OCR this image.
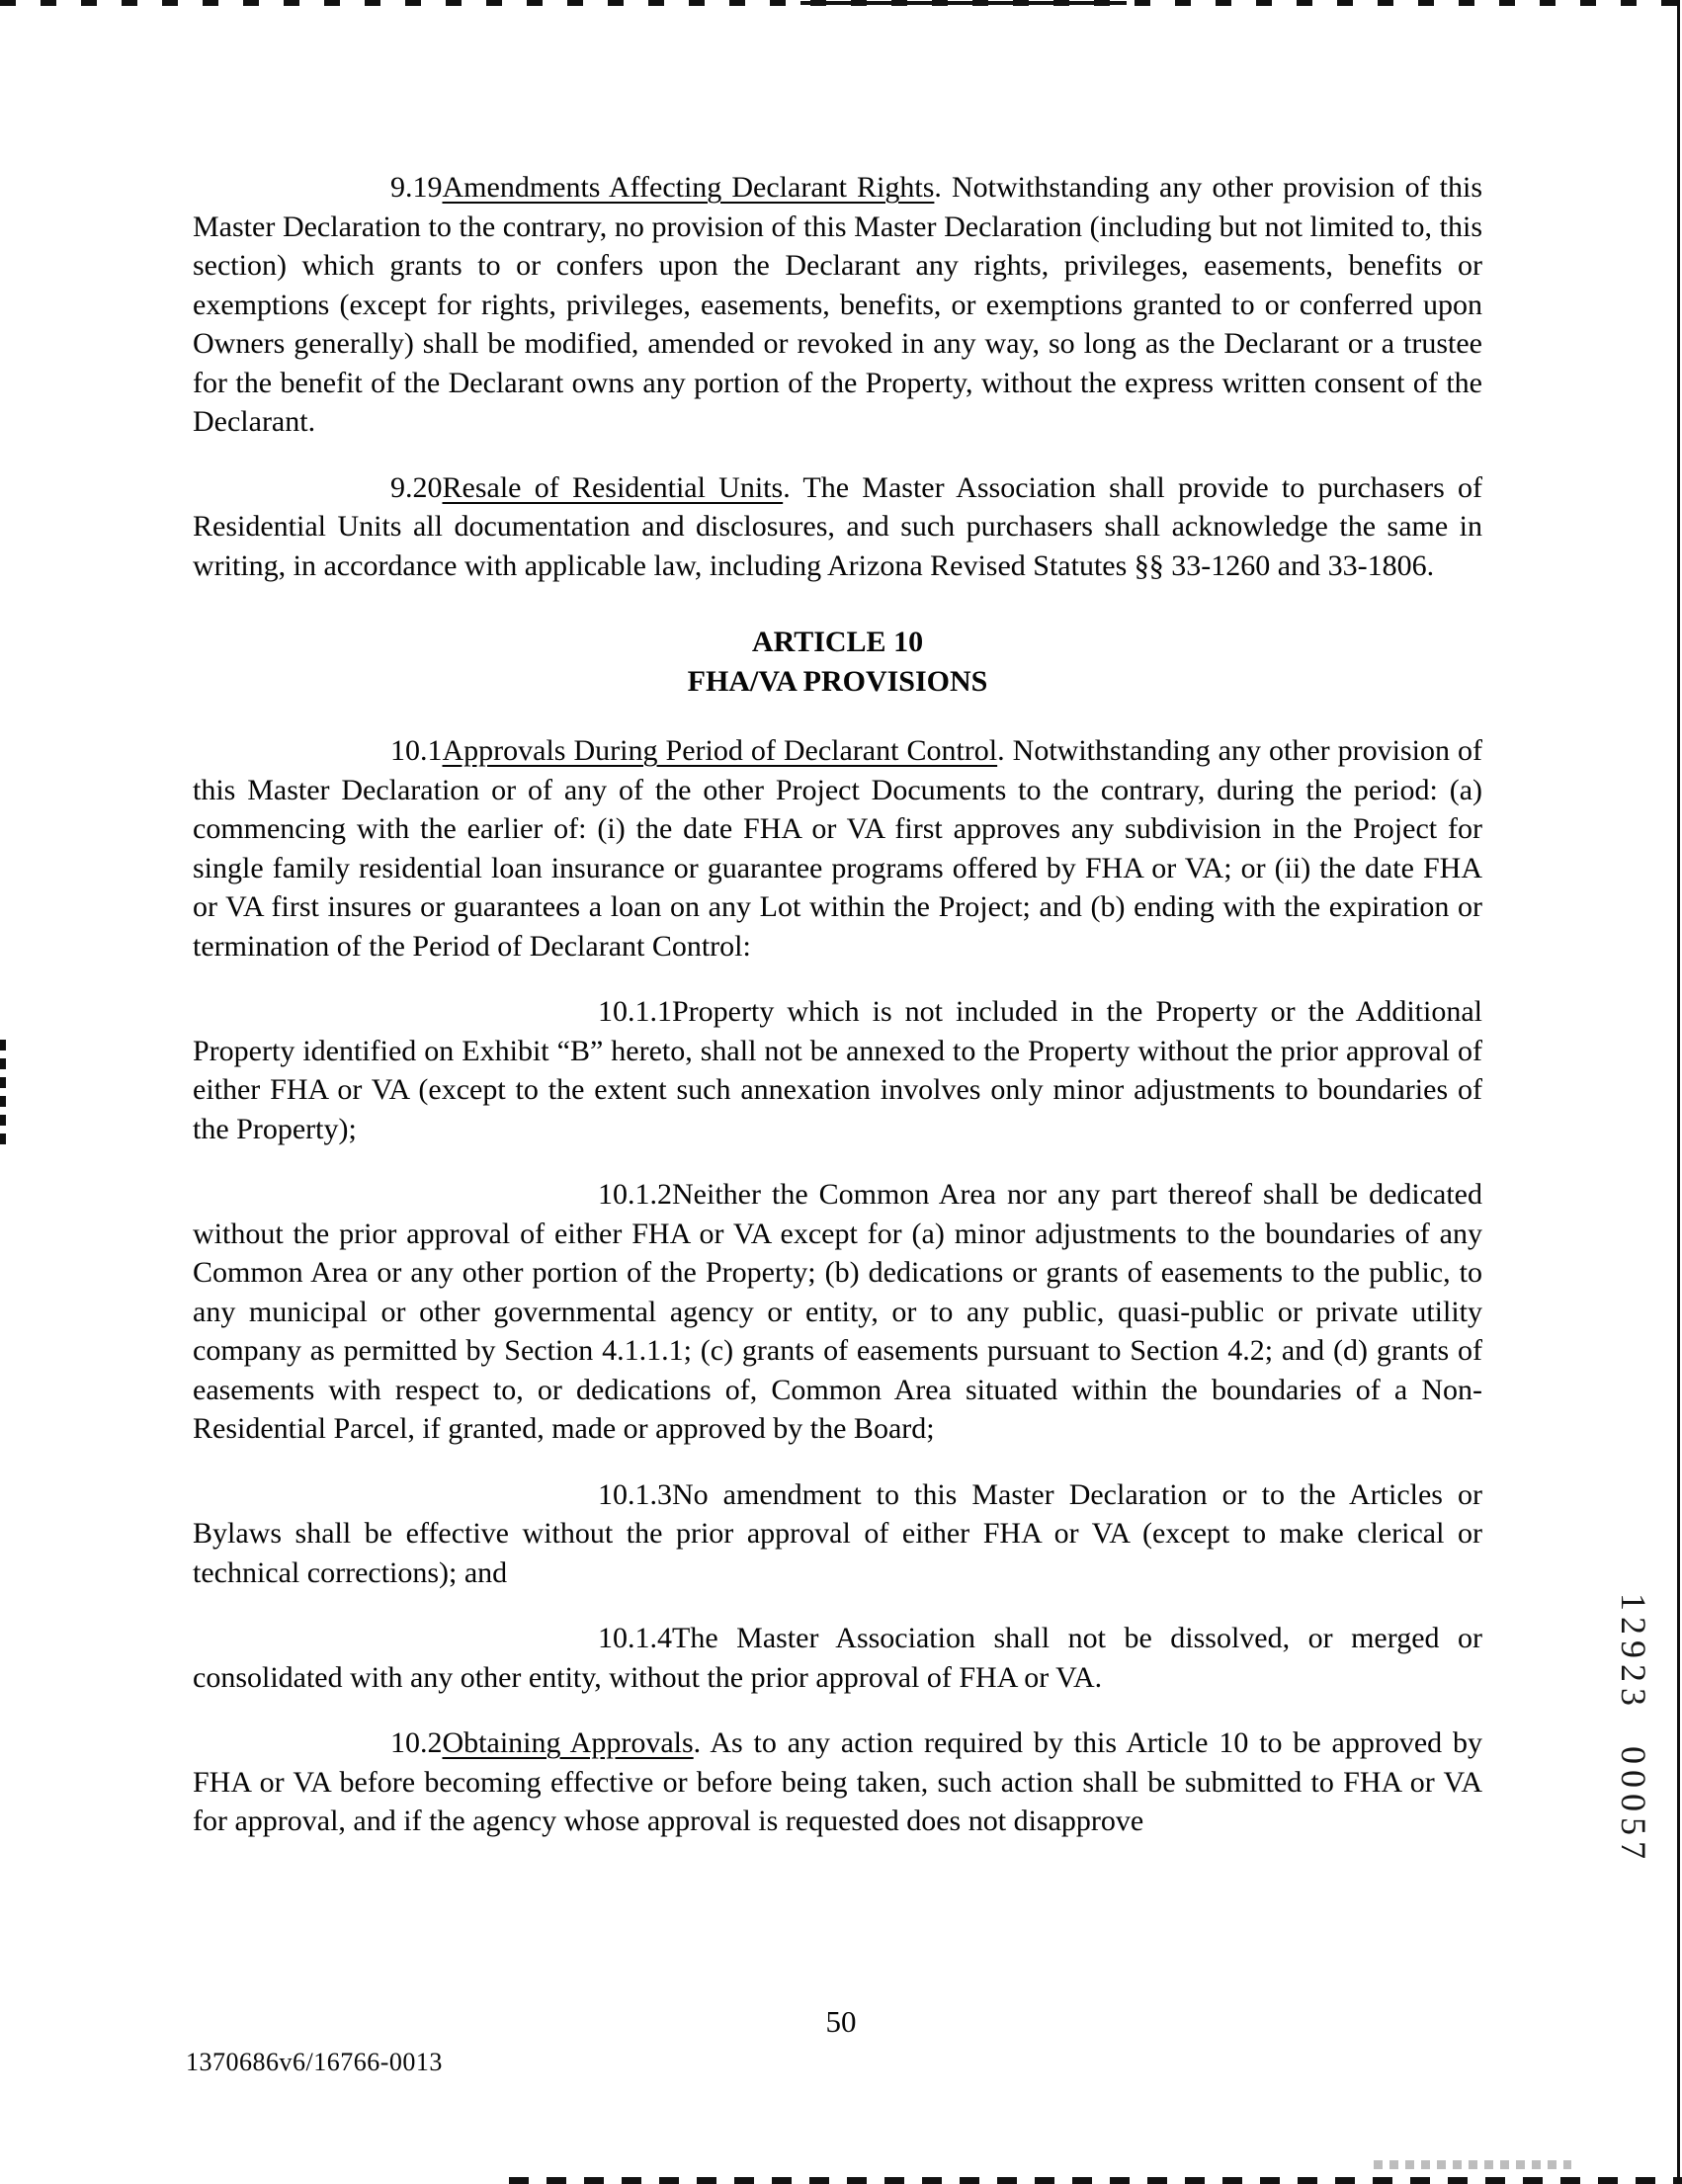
9.19Amendments Affecting Declarant Rights. Notwithstanding any other provision of this Master Declaration to the contrary, no provision of this Master Declaration (including but not limited to, this section) which grants to or confers upon the Declarant any rights, privileges, easements, benefits or exemptions (except for rights, privileges, easements, benefits, or exemptions granted to or conferred upon Owners generally) shall be modified, amended or revoked in any way, so long as the Declarant or a trustee for the benefit of the Declarant owns any portion of the Property, without the express written consent of the Declarant.

9.20Resale of Residential Units. The Master Association shall provide to purchasers of Residential Units all documentation and disclosures, and such purchasers shall acknowledge the same in writing, in accordance with applicable law, including Arizona Revised Statutes §§ 33-1260 and 33-1806.

ARTICLE 10
FHA/VA PROVISIONS

10.1Approvals During Period of Declarant Control. Notwithstanding any other provision of this Master Declaration or of any of the other Project Documents to the contrary, during the period: (a) commencing with the earlier of: (i) the date FHA or VA first approves any subdivision in the Project for single family residential loan insurance or guarantee programs offered by FHA or VA; or (ii) the date FHA or VA first insures or guarantees a loan on any Lot within the Project; and (b) ending with the expiration or termination of the Period of Declarant Control:

10.1.1Property which is not included in the Property or the Additional Property identified on Exhibit “B” hereto, shall not be annexed to the Property without the prior approval of either FHA or VA (except to the extent such annexation involves only minor adjustments to boundaries of the Property);

10.1.2Neither the Common Area nor any part thereof shall be dedicated without the prior approval of either FHA or VA except for (a) minor adjustments to the boundaries of any Common Area or any other portion of the Property; (b) dedications or grants of easements to the public, to any municipal or other governmental agency or entity, or to any public, quasi-public or private utility company as permitted by Section 4.1.1.1; (c) grants of easements pursuant to Section 4.2; and (d) grants of easements with respect to, or dedications of, Common Area situated within the boundaries of a Non-Residential Parcel, if granted, made or approved by the Board;

10.1.3No amendment to this Master Declaration or to the Articles or Bylaws shall be effective without the prior approval of either FHA or VA (except to make clerical or technical corrections); and

10.1.4The Master Association shall not be dissolved, or merged or consolidated with any other entity, without the prior approval of FHA or VA.

10.2Obtaining Approvals. As to any action required by this Article 10 to be approved by FHA or VA before becoming effective or before being taken, such action shall be submitted to FHA or VA for approval, and if the agency whose approval is requested does not disapprove

50
1370686v6/16766-0013
12923 00057
